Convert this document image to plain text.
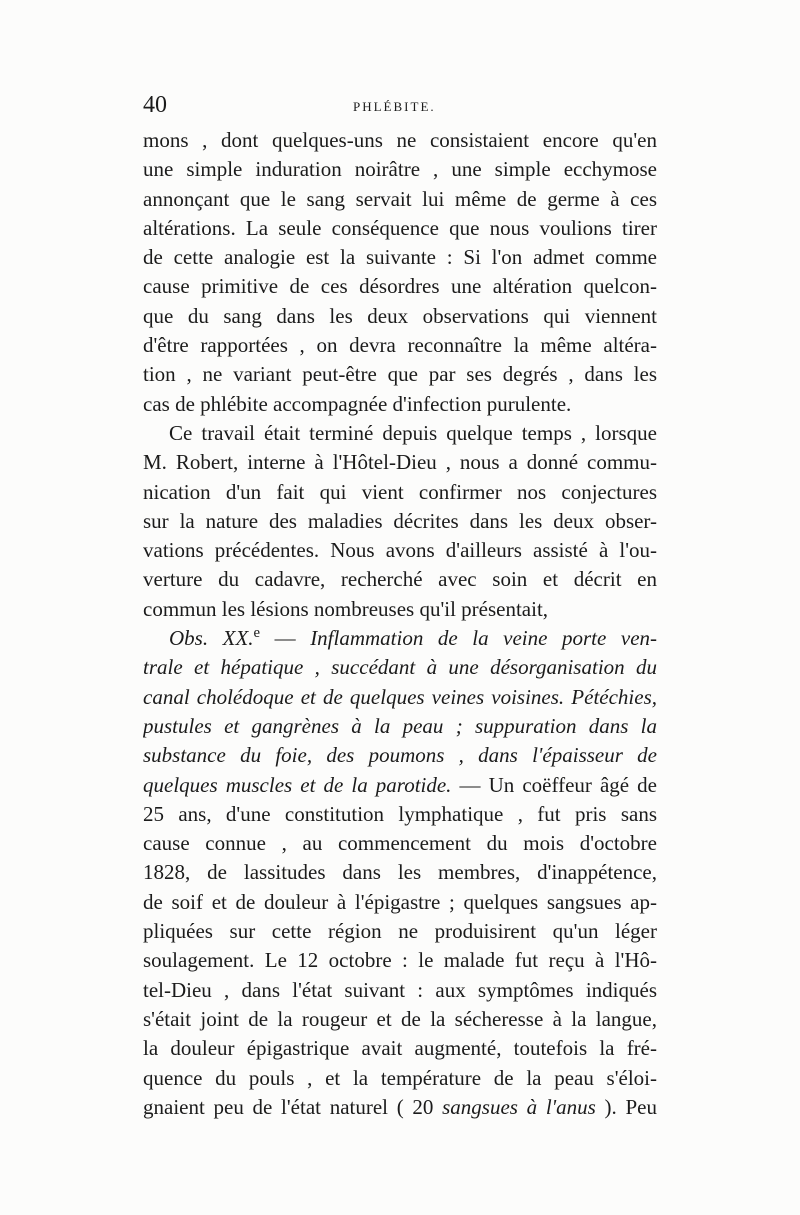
40	PHLÉBITE.
mons , dont quelques-uns ne consistaient encore qu'en
une simple induration noirâtre , une simple ecchymose
annonçant que le sang servait lui même de germe à ces
altérations. La seule conséquence que nous voulions tirer
de cette analogie est la suivante : Si l'on admet comme
cause primitive de ces désordres une altération quelcon-
que du sang dans les deux observations qui viennent
d'être rapportées , on devra reconnaître la même altéra-
tion , ne variant peut-être que par ses degrés , dans les
cas de phlébite accompagnée d'infection purulente.
Ce travail était terminé depuis quelque temps , lorsque
M. Robert, interne à l'Hôtel-Dieu , nous a donné commu-
nication d'un fait qui vient confirmer nos conjectures
sur la nature des maladies décrites dans les deux obser-
vations précédentes. Nous avons d'ailleurs assisté à l'ou-
verture du cadavre, recherché avec soin et décrit en
commun les lésions nombreuses qu'il présentait,
Obs. XX.$^e$ — Inflammation de la veine porte ven-
trale et hépatique , succédant à une désorganisation du
canal cholédoque et de quelques veines voisines. Pétéchies,
pustules et gangrènes à la peau ; suppuration dans la
substance du foie, des poumons , dans l'épaisseur de
quelques muscles et de la parotide. — Un coëffeur âgé de
25 ans, d'une constitution lymphatique , fut pris sans
cause connue , au commencement du mois d'octobre
1828, de lassitudes dans les membres, d'inappétence,
de soif et de douleur à l'épigastre ; quelques sangsues ap-
pliquées sur cette région ne produisirent qu'un léger
soulagement. Le 12 octobre : le malade fut reçu à l'Hô-
tel-Dieu , dans l'état suivant : aux symptômes indiqués
s'était joint de la rougeur et de la sécheresse à la langue,
la douleur épigastrique avait augmenté, toutefois la fré-
quence du pouls , et la température de la peau s'éloi-
gnaient peu de l'état naturel ( 20 sangsues à l'anus ). Peu
